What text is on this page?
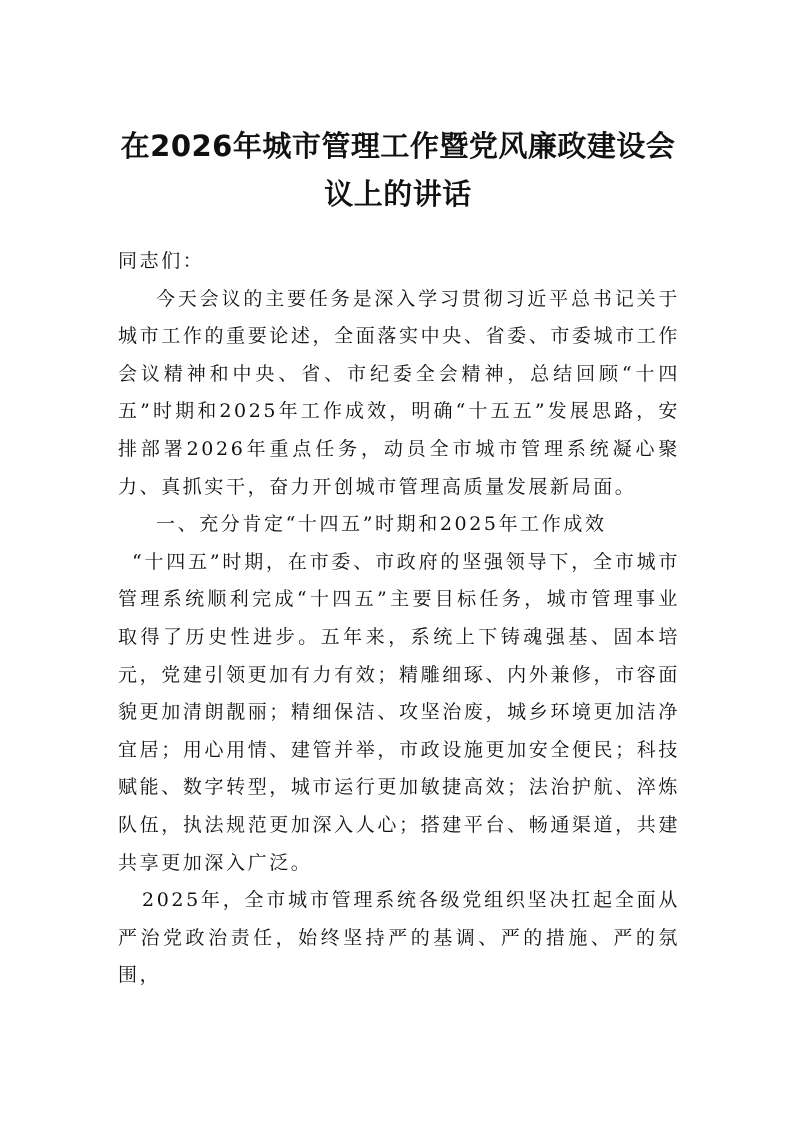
在2026年城市管理工作暨党风廉政建设会
议上的讲话

同志们：

今天会议的主要任务是深入学习贯彻习近平总书记关于城市工作的重要论述，全面落实中央、省委、市委城市工作会议精神和中央、省、市纪委全会精神，总结回顾“十四五”时期和2025年工作成效，明确“十五五”发展思路，安排部署2026年重点任务，动员全市城市管理系统凝心聚力、真抓实干，奋力开创城市管理高质量发展新局面。

一、充分肯定“十四五”时期和2025年工作成效

“十四五”时期，在市委、市政府的坚强领导下，全市城市管理系统顺利完成“十四五”主要目标任务，城市管理事业取得了历史性进步。五年来，系统上下铸魂强基、固本培元，党建引领更加有力有效；精雕细琢、内外兼修，市容面貌更加清朗靓丽；精细保洁、攻坚治废，城乡环境更加洁净宜居；用心用情、建管并举，市政设施更加安全便民；科技赋能、数字转型，城市运行更加敏捷高效；法治护航、淬炼队伍，执法规范更加深入人心；搭建平台、畅通渠道，共建共享更加深入广泛。

2025年，全市城市管理系统各级党组织坚决扛起全面从严治党政治责任，始终坚持严的基调、严的措施、严的氛围，
